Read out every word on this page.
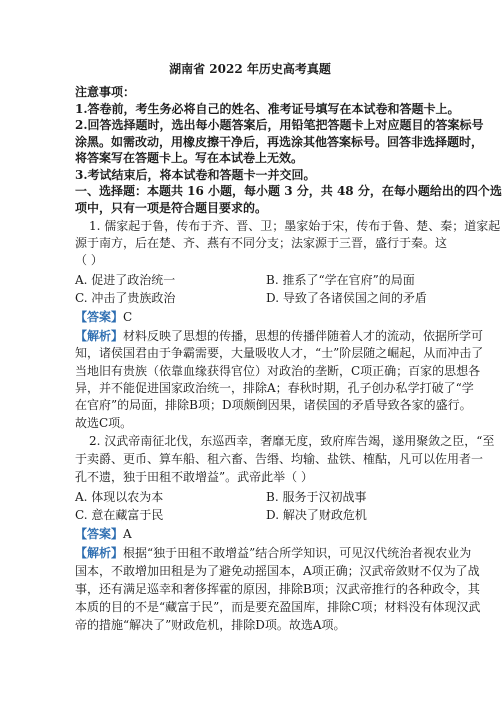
湖南省 2022 年历史高考真题
注意事项：
1.答卷前，考生务必将自己的姓名、准考证号填写在本试卷和答题卡上。
2.回答选择题时，选出每小题答案后，用铅笔把答题卡上对应题目的答案标号
涂黑。如需改动，用橡皮擦干净后，再选涂其他答案标号。回答非选择题时，
将答案写在答题卡上。写在本试卷上无效。
3.考试结束后，将本试卷和答题卡一并交回。
一、选择题：本题共 16 小题，每小题 3 分，共 48 分，在每小题给出的四个选
项中，只有一项是符合题目要求的。
1. 儒家起于鲁，传布于齐、晋、卫；墨家始于宋，传布于鲁、楚、秦；道家起
源于南方，后在楚、齐、燕有不同分支；法家源于三晋，盛行于秦。这
（ ）
A. 促进了政治统一	B. 推系了“学在官府”的局面
C. 冲击了贵族政治	D. 导致了各诸侯国之间的矛盾
【答案】C
【解析】材料反映了思想的传播，思想的传播伴随着人才的流动，依据所学可
知，诸侯国君由于争霸需要，大量吸收人才，“士”阶层随之崛起，从而冲击了
当地旧有贵族（依靠血缘获得官位）对政治的垄断，C项正确；百家的思想各
异，并不能促进国家政治统一，排除A；春秋时期，孔子创办私学打破了“学
在官府”的局面，排除B项；D项颇倒因果，诸侯国的矛盾导致各家的盛行。
故选C项。
2. 汉武帝南征北伐，东巡西幸，奢靡无度，致府库告竭，遂用聚敛之臣，“至
于卖爵、更币、算车船、租六畜、告缗、均输、盐铁、榷酤，凡可以佐用者一
孔不遗，独于田租不敢增益”。武帝此举（ ）
A. 体现以农为本	B. 服务于汉初战事
C. 意在藏富于民	D. 解决了财政危机
【答案】A
【解析】根据“独于田租不敢增益”结合所学知识，可见汉代统治者视农业为
国本，不敢增加田租是为了避免动摇国本，A项正确；汉武帝敛财不仅为了战
事，还有满足巡幸和奢侈挥霍的原因，排除B项；汉武帝推行的各种政令，其
本质的目的不是“藏富于民”，而是要充盈国库，排除C项；材料没有体现汉武
帝的措施“解决了”财政危机，排除D项。故选A项。
